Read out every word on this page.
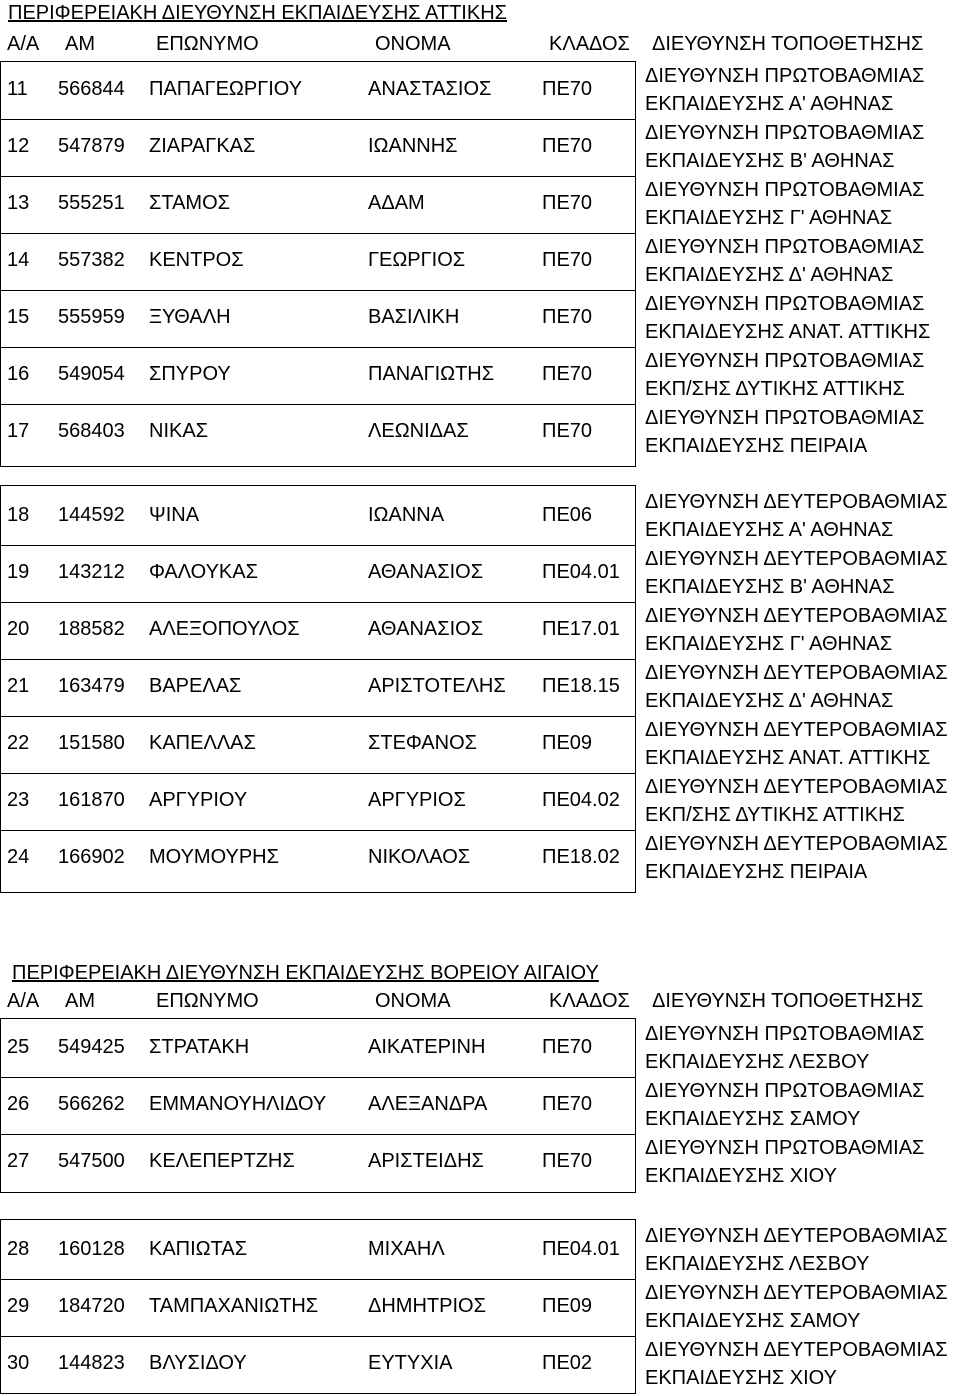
ΠΕΡΙΦΕΡΕΙΑΚΗ ΔΙΕΥΘΥΝΣΗ ΕΚΠΑΙΔΕΥΣΗΣ ΑΤΤΙΚΗΣ
Α/Α ΑΜ	ΕΠΩΝΥΜΟ	ΟΝΟΜΑ	ΚΛΑΔΟΣ ΔΙΕΥΘΥΝΣΗ ΤΟΠΟΘΕΤΗΣΗΣ
11	566844	ΠΑΠΑΓΕΩΡΓΙΟΥ	ΑΝΑΣΤΑΣΙΟΣ	ΠΕ70	ΔΙΕΥΘΥΝΣΗ ΠΡΩΤΟΒΑΘΜΙΑΣ
ΕΚΠΑΙΔΕΥΣΗΣ Α' ΑΘΗΝΑΣ

12	547879	ΖΙΑΡΑΓΚΑΣ	ΙΩΑΝΝΗΣ	ΠΕ70	ΔΙΕΥΘΥΝΣΗ ΠΡΩΤΟΒΑΘΜΙΑΣ
ΕΚΠΑΙΔΕΥΣΗΣ Β' ΑΘΗΝΑΣ

13	555251	ΣΤΑΜΟΣ	ΑΔΑΜ	ΠΕ70	ΔΙΕΥΘΥΝΣΗ ΠΡΩΤΟΒΑΘΜΙΑΣ
ΕΚΠΑΙΔΕΥΣΗΣ Γ' ΑΘΗΝΑΣ

14	557382	ΚΕΝΤΡΟΣ	ΓΕΩΡΓΙΟΣ	ΠΕ70	ΔΙΕΥΘΥΝΣΗ ΠΡΩΤΟΒΑΘΜΙΑΣ
ΕΚΠΑΙΔΕΥΣΗΣ Δ' ΑΘΗΝΑΣ

15	555959	ΞΥΘΑΛΗ	ΒΑΣΙΛΙΚΗ	ΠΕ70	ΔΙΕΥΘΥΝΣΗ ΠΡΩΤΟΒΑΘΜΙΑΣ
ΕΚΠΑΙΔΕΥΣΗΣ ΑΝΑΤ. ΑΤΤΙΚΗΣ

16	549054	ΣΠΥΡΟΥ	ΠΑΝΑΓΙΩΤΗΣ	ΠΕ70	ΔΙΕΥΘΥΝΣΗ ΠΡΩΤΟΒΑΘΜΙΑΣ
ΕΚΠ/ΣΗΣ ΔΥΤΙΚΗΣ ΑΤΤΙΚΗΣ

17	568403	ΝΙΚΑΣ	ΛΕΩΝΙΔΑΣ	ΠΕ70	ΔΙΕΥΘΥΝΣΗ ΠΡΩΤΟΒΑΘΜΙΑΣ
ΕΚΠΑΙΔΕΥΣΗΣ ΠΕΙΡΑΙΑ
18	144592	ΨΙΝΑ	ΙΩΑΝΝΑ	ΠΕ06	ΔΙΕΥΘΥΝΣΗ ΔΕΥΤΕΡΟΒΑΘΜΙΑΣ
ΕΚΠΑΙΔΕΥΣΗΣ Α' ΑΘΗΝΑΣ

19	143212	ΦΑΛΟΥΚΑΣ	ΑΘΑΝΑΣΙΟΣ	ΠΕ04.01	ΔΙΕΥΘΥΝΣΗ ΔΕΥΤΕΡΟΒΑΘΜΙΑΣ
ΕΚΠΑΙΔΕΥΣΗΣ Β' ΑΘΗΝΑΣ

20	188582	ΑΛΕΞΟΠΟΥΛΟΣ	ΑΘΑΝΑΣΙΟΣ	ΠΕ17.01	ΔΙΕΥΘΥΝΣΗ ΔΕΥΤΕΡΟΒΑΘΜΙΑΣ
ΕΚΠΑΙΔΕΥΣΗΣ Γ' ΑΘΗΝΑΣ

21	163479	ΒΑΡΕΛΑΣ	ΑΡΙΣΤΟΤΕΛΗΣ	ΠΕ18.15	ΔΙΕΥΘΥΝΣΗ ΔΕΥΤΕΡΟΒΑΘΜΙΑΣ
ΕΚΠΑΙΔΕΥΣΗΣ Δ' ΑΘΗΝΑΣ

22	151580	ΚΑΠΕΛΛΑΣ	ΣΤΕΦΑΝΟΣ	ΠΕ09	ΔΙΕΥΘΥΝΣΗ ΔΕΥΤΕΡΟΒΑΘΜΙΑΣ
ΕΚΠΑΙΔΕΥΣΗΣ ΑΝΑΤ. ΑΤΤΙΚΗΣ

23	161870	ΑΡΓΥΡΙΟΥ	ΑΡΓΥΡΙΟΣ	ΠΕ04.02	ΔΙΕΥΘΥΝΣΗ ΔΕΥΤΕΡΟΒΑΘΜΙΑΣ
ΕΚΠ/ΣΗΣ ΔΥΤΙΚΗΣ ΑΤΤΙΚΗΣ

24	166902	ΜΟΥΜΟΥΡΗΣ	ΝΙΚΟΛΑΟΣ	ΠΕ18.02	ΔΙΕΥΘΥΝΣΗ ΔΕΥΤΕΡΟΒΑΘΜΙΑΣ
ΕΚΠΑΙΔΕΥΣΗΣ ΠΕΙΡΑΙΑ
ΠΕΡΙΦΕΡΕΙΑΚΗ ΔΙΕΥΘΥΝΣΗ ΕΚΠΑΙΔΕΥΣΗΣ ΒΟΡΕΙΟΥ ΑΙΓΑΙΟΥ
Α/Α ΑΜ	ΕΠΩΝΥΜΟ	ΟΝΟΜΑ	ΚΛΑΔΟΣ ΔΙΕΥΘΥΝΣΗ ΤΟΠΟΘΕΤΗΣΗΣ
25	549425	ΣΤΡΑΤΑΚΗ	ΑΙΚΑΤΕΡΙΝΗ	ΠΕ70	ΔΙΕΥΘΥΝΣΗ ΠΡΩΤΟΒΑΘΜΙΑΣ
ΕΚΠΑΙΔΕΥΣΗΣ ΛΕΣΒΟΥ

26	566262	ΕΜΜΑΝΟΥΗΛΙΔΟΥ	ΑΛΕΞΑΝΔΡΑ	ΠΕ70	ΔΙΕΥΘΥΝΣΗ ΠΡΩΤΟΒΑΘΜΙΑΣ
ΕΚΠΑΙΔΕΥΣΗΣ ΣΑΜΟΥ

27	547500	ΚΕΛΕΠΕΡΤΖΗΣ	ΑΡΙΣΤΕΙΔΗΣ	ΠΕ70	ΔΙΕΥΘΥΝΣΗ ΠΡΩΤΟΒΑΘΜΙΑΣ
ΕΚΠΑΙΔΕΥΣΗΣ ΧΙΟΥ
28	160128	ΚΑΠΙΩΤΑΣ	ΜΙΧΑΗΛ	ΠΕ04.01	ΔΙΕΥΘΥΝΣΗ ΔΕΥΤΕΡΟΒΑΘΜΙΑΣ
ΕΚΠΑΙΔΕΥΣΗΣ ΛΕΣΒΟΥ

29	184720	ΤΑΜΠΑΧΑΝΙΩΤΗΣ	ΔΗΜΗΤΡΙΟΣ	ΠΕ09	ΔΙΕΥΘΥΝΣΗ ΔΕΥΤΕΡΟΒΑΘΜΙΑΣ
ΕΚΠΑΙΔΕΥΣΗΣ ΣΑΜΟΥ

30	144823	ΒΛΥΣΙΔΟΥ	ΕΥΤΥΧΙΑ	ΠΕ02	ΔΙΕΥΘΥΝΣΗ ΔΕΥΤΕΡΟΒΑΘΜΙΑΣ
ΕΚΠΑΙΔΕΥΣΗΣ ΧΙΟΥ
